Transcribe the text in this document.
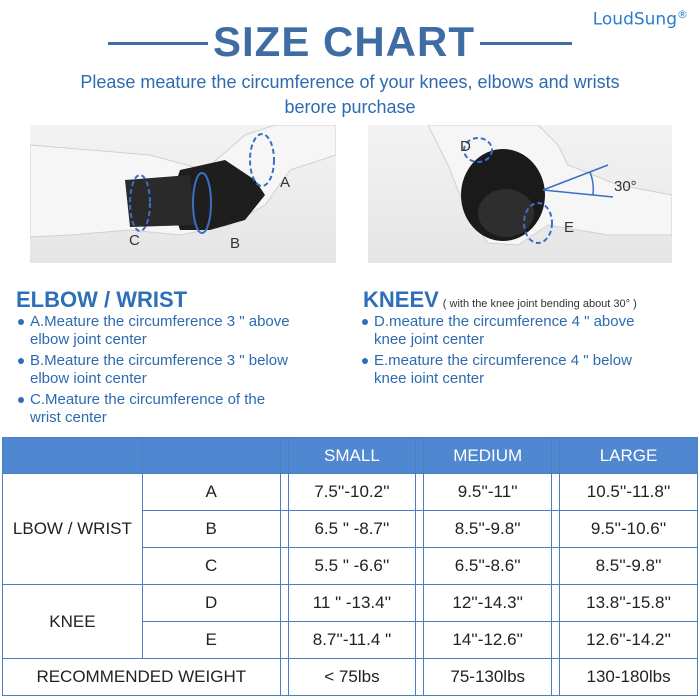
LoudSung®
SIZE CHART
Please meature the circumference of your knees, elbows and wrists
berore purchase
A
C	B
D
E
30°
ELBOW / WRIST	KNEEV ( with the knee joint bending about 30° )
A.Meature the circumference 3 " above
elbow joint center
B.Meature the circumference 3 " below
elbow ioint center
C.Meature the circumference of the
wrist center
D.meature the circumference 4 " above
knee joint center
E.meature the circumference 4 " below
knee ioint center
			SMALL		MEDIUM		LARGE
LBOW / WRIST	A		7.5''-10.2''		9.5''-11''		10.5''-11.8''
	B		6.5 " -8.7''		8.5''-9.8''		9.5''-10.6''
	C		5.5 " -6.6''		6.5''-8.6''		8.5''-9.8''
KNEE	D		11 " -13.4''		12''-14.3''		13.8''-15.8''
	E		8.7''-11.4 "		14''-12.6''		12.6''-14.2''
RECOMMENDED WEIGHT			< 75lbs		75-130lbs		130-180lbs
